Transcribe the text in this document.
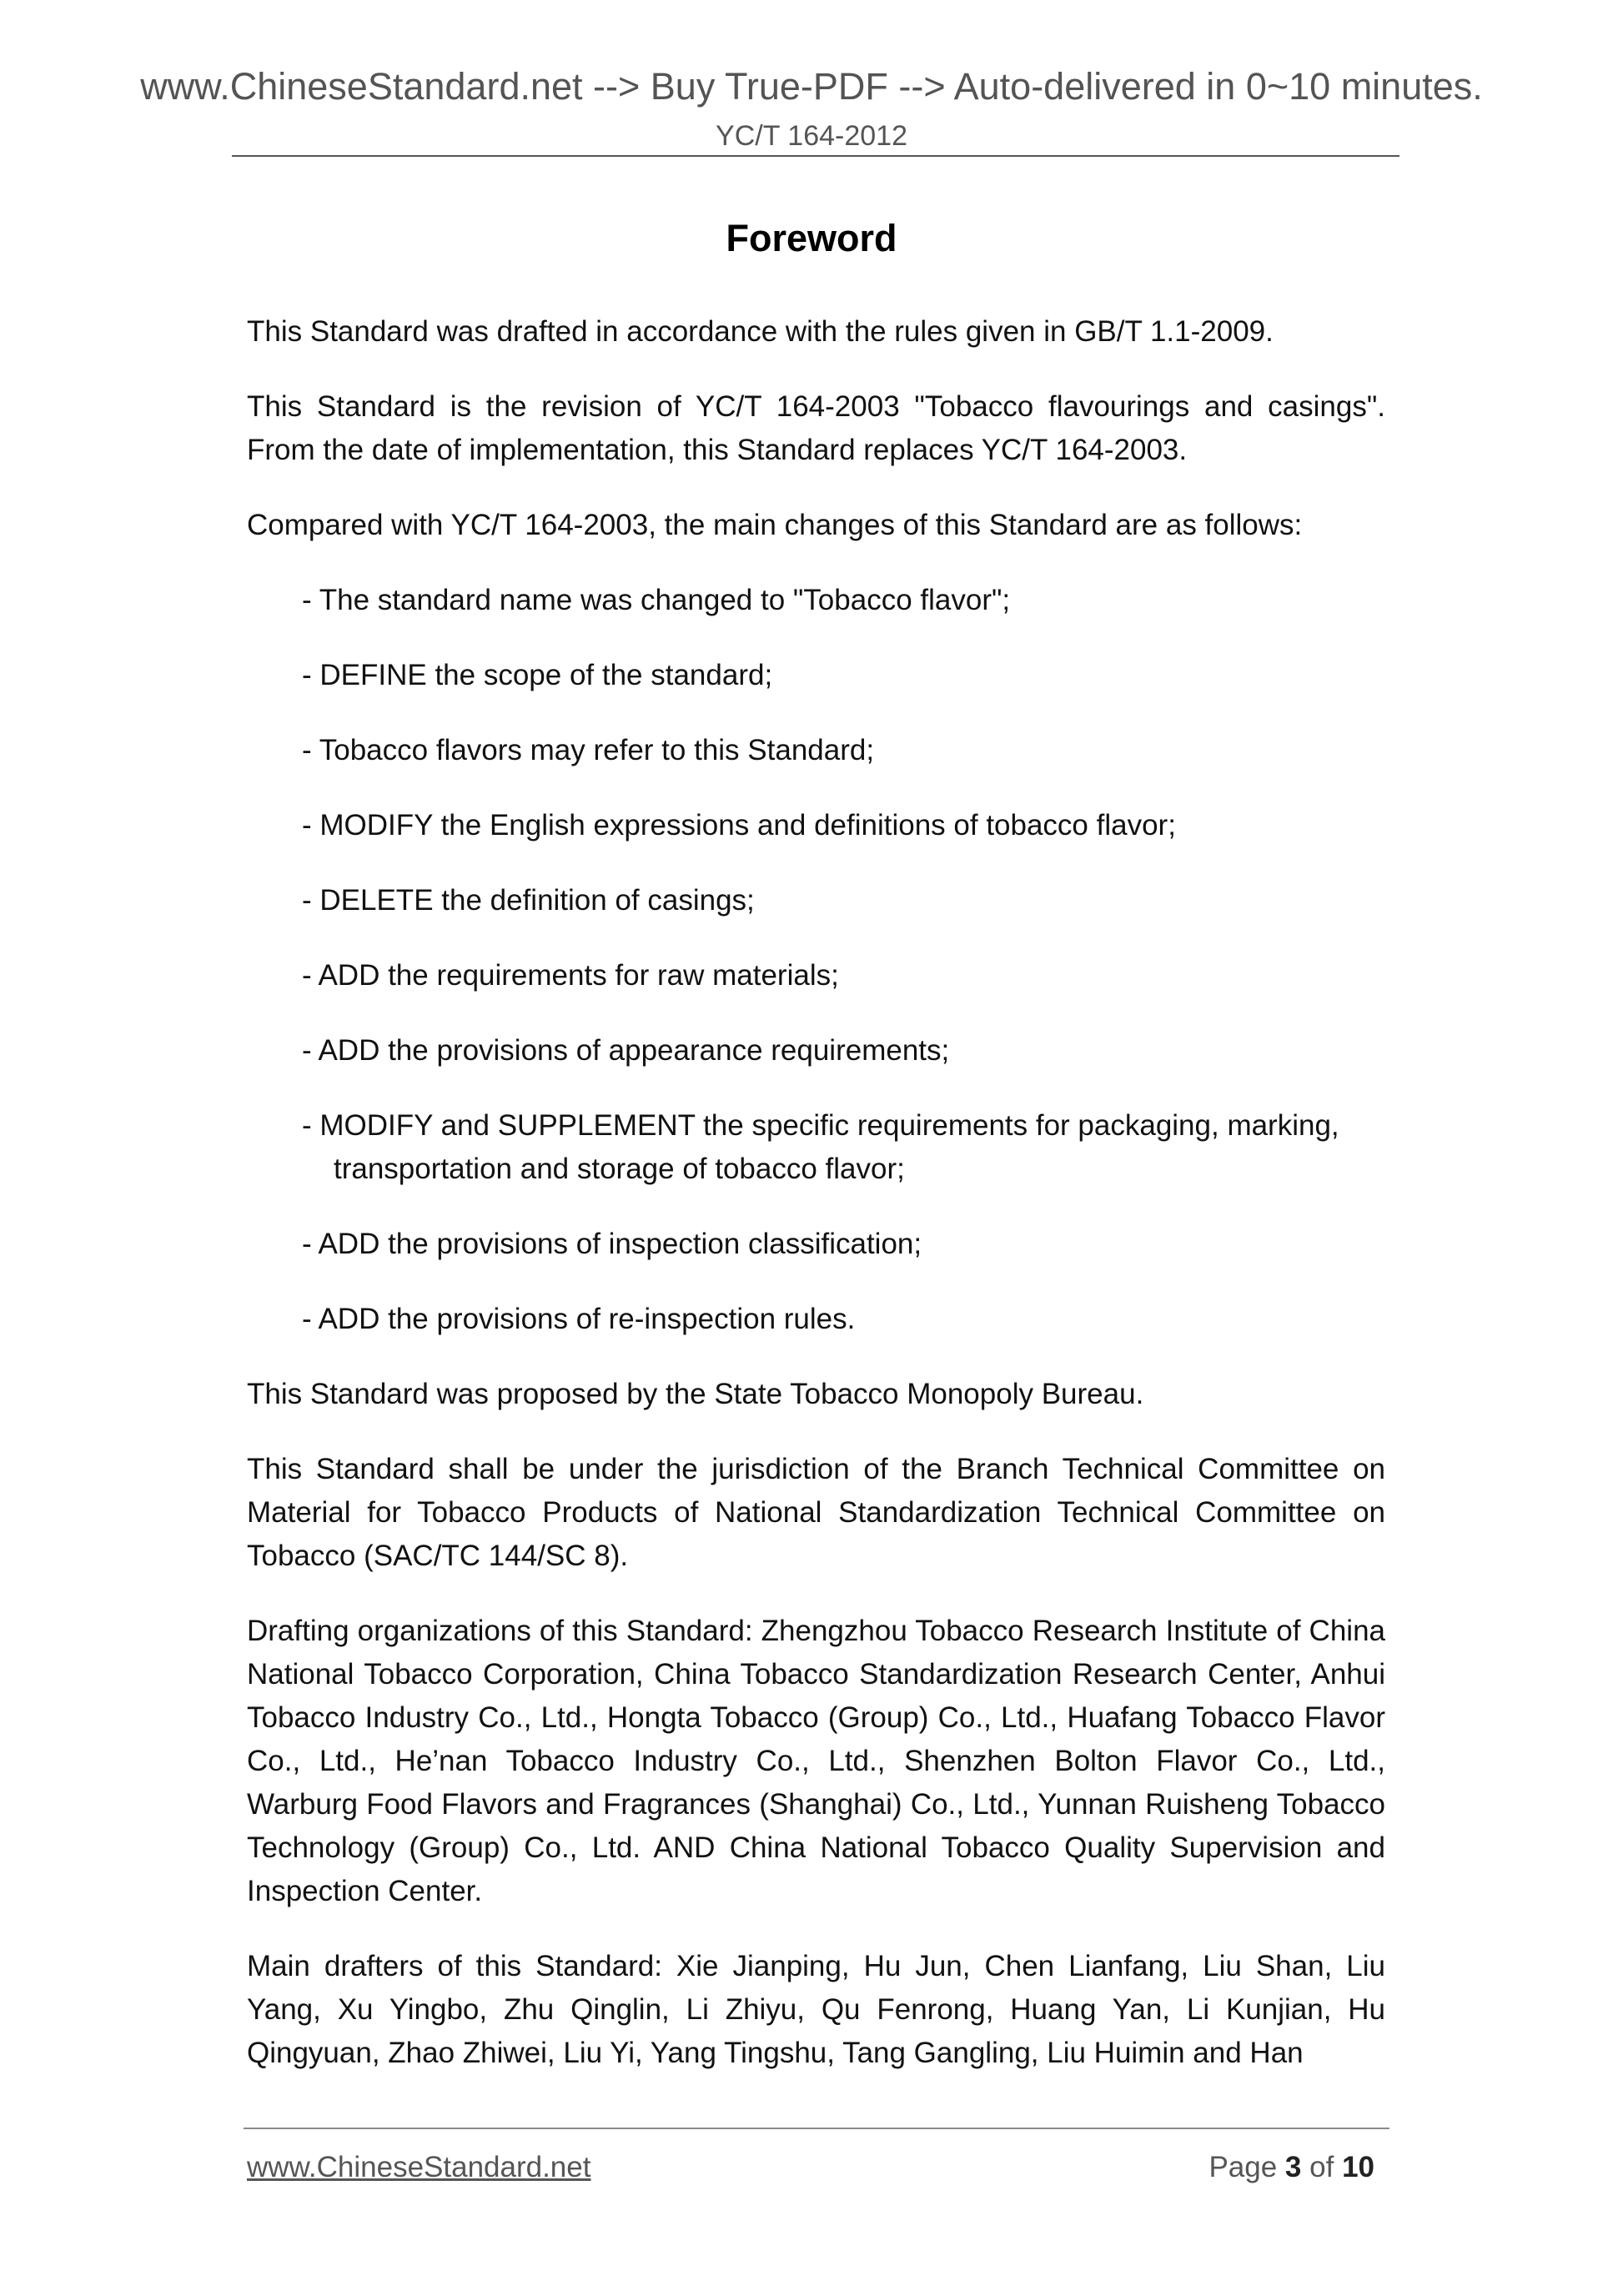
www.ChineseStandard.net --> Buy True-PDF --> Auto-delivered in 0~10 minutes.
YC/T 164-2012
Foreword

This Standard was drafted in accordance with the rules given in GB/T 1.1-2009.

This Standard is the revision of YC/T 164-2003 "Tobacco flavourings and casings". From the date of implementation, this Standard replaces YC/T 164-2003.

Compared with YC/T 164-2003, the main changes of this Standard are as follows:

- The standard name was changed to "Tobacco flavor";
- DEFINE the scope of the standard;
- Tobacco flavors may refer to this Standard;
- MODIFY the English expressions and definitions of tobacco flavor;
- DELETE the definition of casings;
- ADD the requirements for raw materials;
- ADD the provisions of appearance requirements;
- MODIFY and SUPPLEMENT the specific requirements for packaging, marking, transportation and storage of tobacco flavor;
- ADD the provisions of inspection classification;
- ADD the provisions of re-inspection rules.

This Standard was proposed by the State Tobacco Monopoly Bureau.

This Standard shall be under the jurisdiction of the Branch Technical Committee on Material for Tobacco Products of National Standardization Technical Committee on Tobacco (SAC/TC 144/SC 8).

Drafting organizations of this Standard: Zhengzhou Tobacco Research Institute of China National Tobacco Corporation, China Tobacco Standardization Research Center, Anhui Tobacco Industry Co., Ltd., Hongta Tobacco (Group) Co., Ltd., Huafang Tobacco Flavor Co., Ltd., He’nan Tobacco Industry Co., Ltd., Shenzhen Bolton Flavor Co., Ltd., Warburg Food Flavors and Fragrances (Shanghai) Co., Ltd., Yunnan Ruisheng Tobacco Technology (Group) Co., Ltd. AND China National Tobacco Quality Supervision and Inspection Center.

Main drafters of this Standard: Xie Jianping, Hu Jun, Chen Lianfang, Liu Shan, Liu Yang, Xu Yingbo, Zhu Qinglin, Li Zhiyu, Qu Fenrong, Huang Yan, Li Kunjian, Hu Qingyuan, Zhao Zhiwei, Liu Yi, Yang Tingshu, Tang Gangling, Liu Huimin and Han

www.ChineseStandard.net	Page 3 of 10
